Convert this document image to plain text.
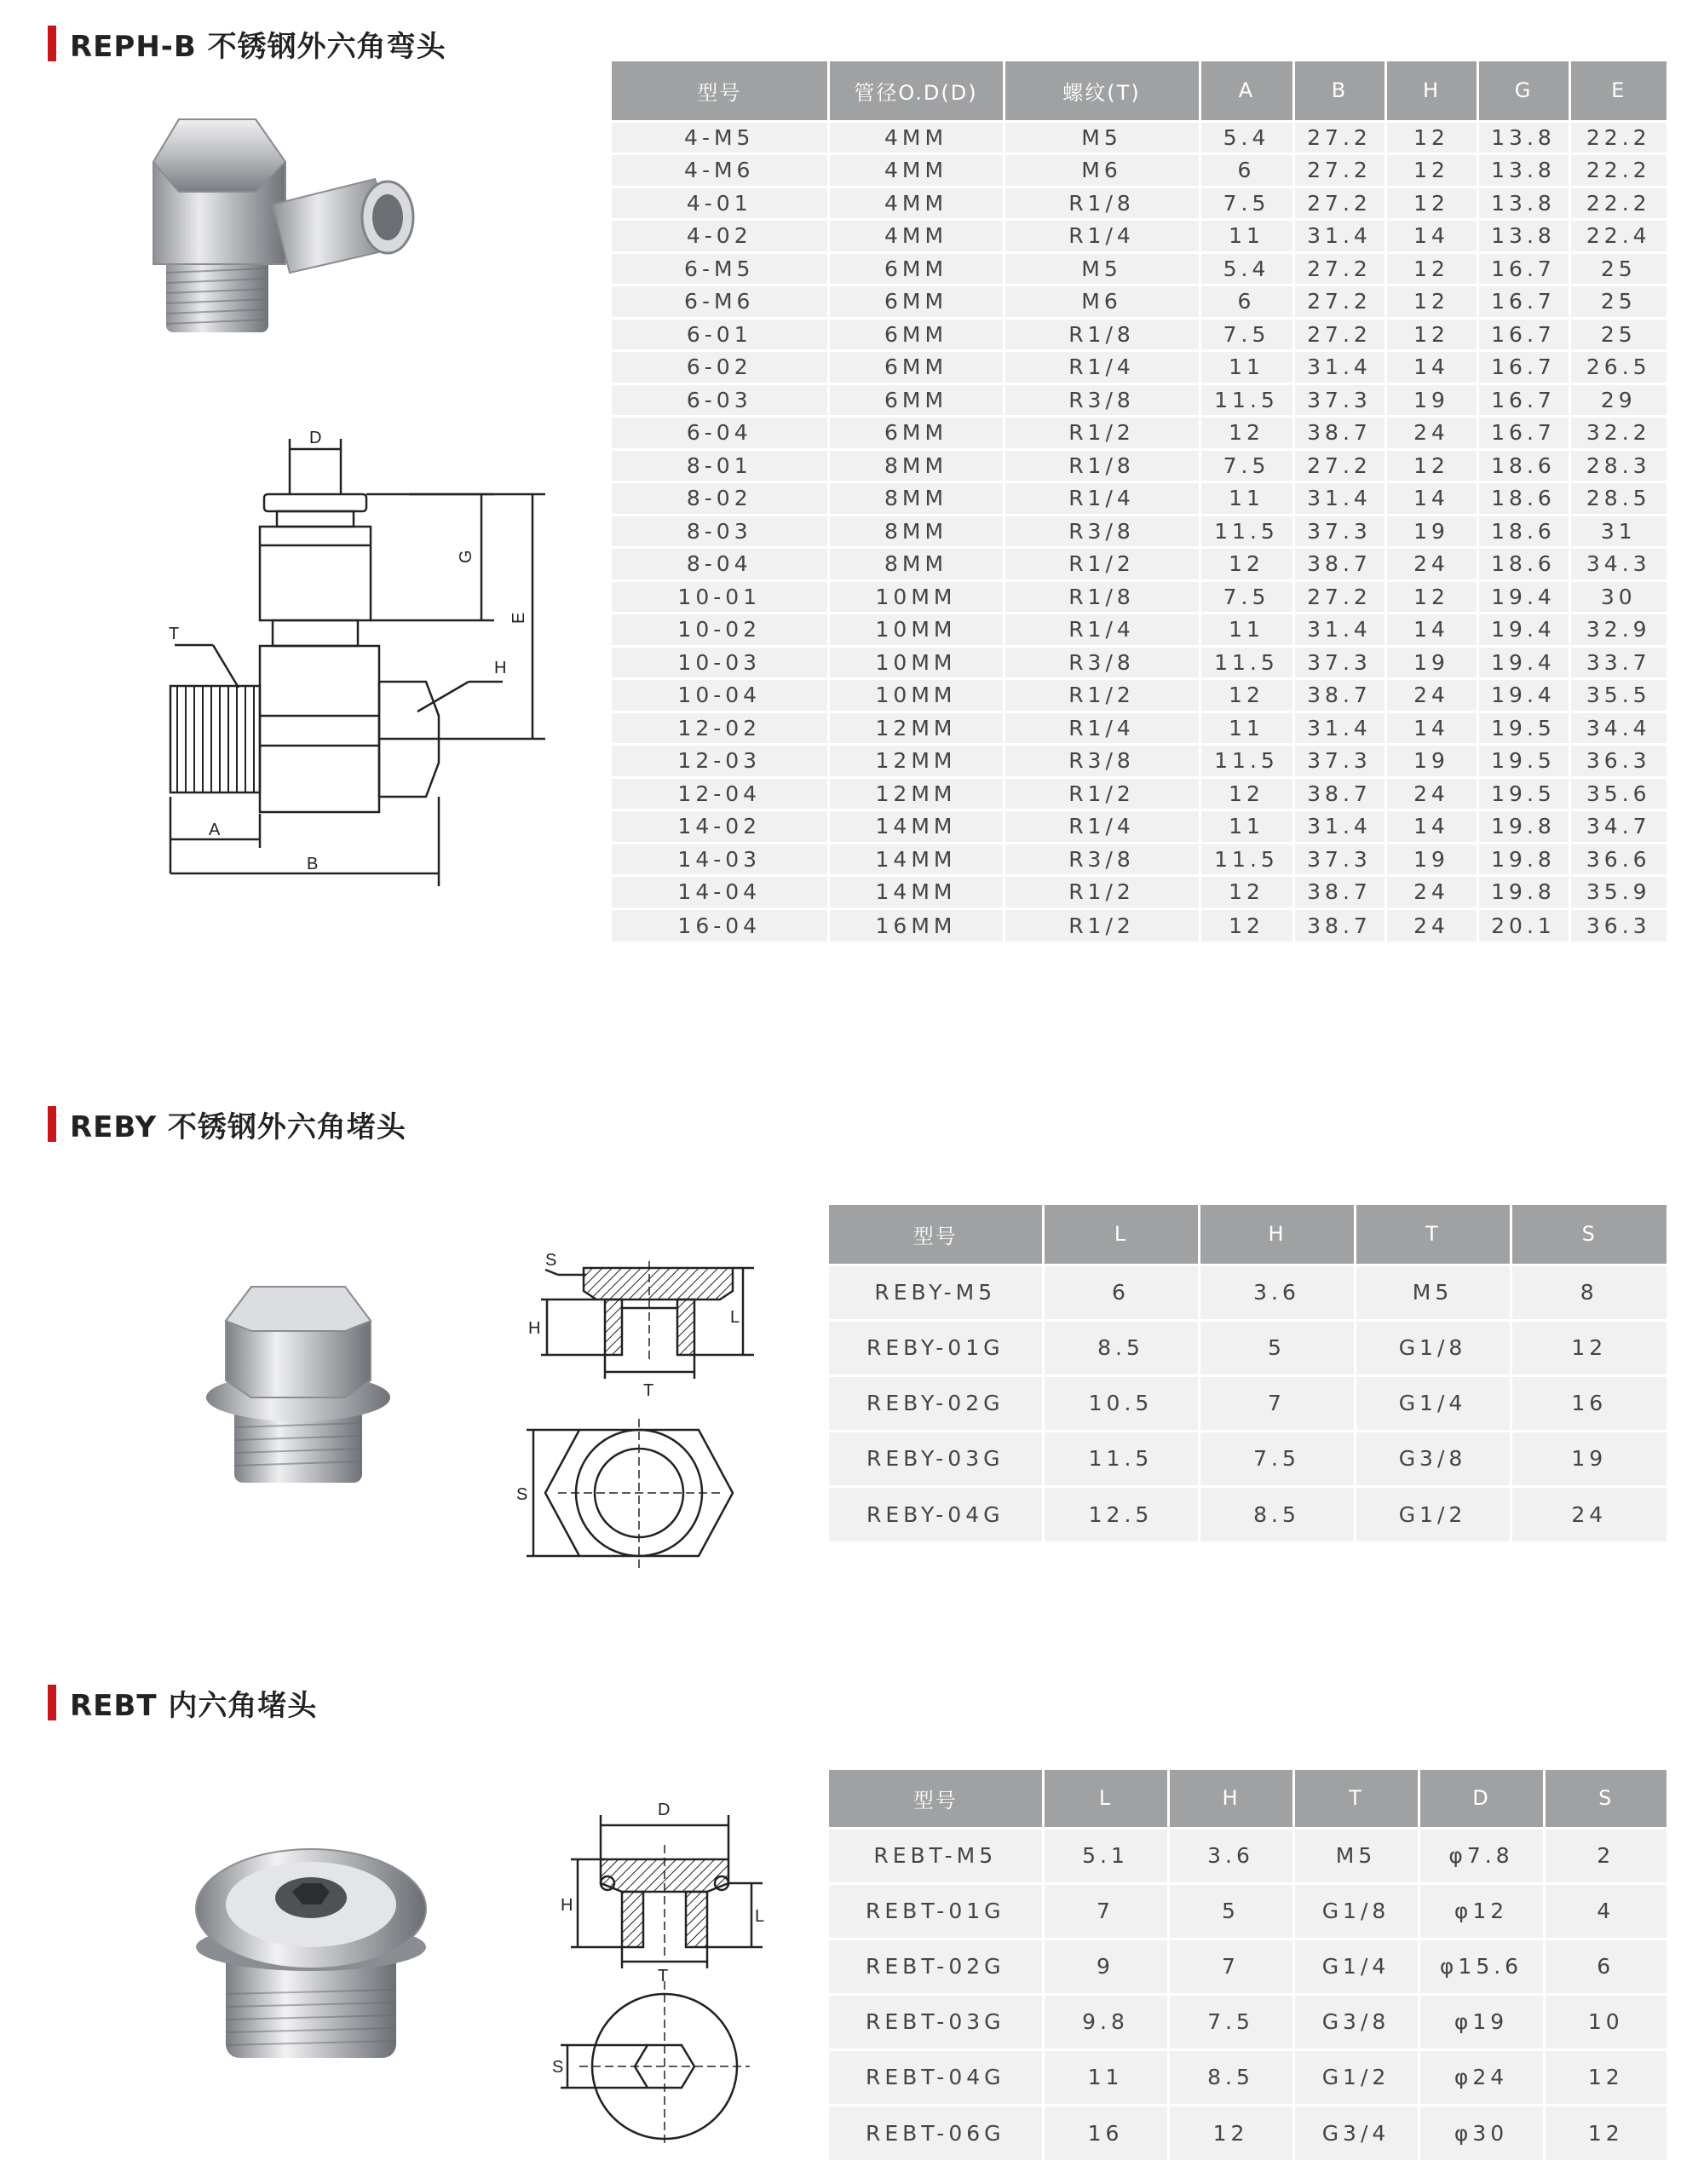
REPH-B 不锈钢外六角弯头
D
G
E
T
H
A
B
型号	管径O.D(D)	螺纹(T)	A	B	H	G	E
4-M5	4MM	M5	5.4	27.2	12	13.8	22.2
4-M6	4MM	M6	6	27.2	12	13.8	22.2
4-01	4MM	R1/8	7.5	27.2	12	13.8	22.2
4-02	4MM	R1/4	11	31.4	14	13.8	22.4
6-M5	6MM	M5	5.4	27.2	12	16.7	25
6-M6	6MM	M6	6	27.2	12	16.7	25
6-01	6MM	R1/8	7.5	27.2	12	16.7	25
6-02	6MM	R1/4	11	31.4	14	16.7	26.5
6-03	6MM	R3/8	11.5	37.3	19	16.7	29
6-04	6MM	R1/2	12	38.7	24	16.7	32.2
8-01	8MM	R1/8	7.5	27.2	12	18.6	28.3
8-02	8MM	R1/4	11	31.4	14	18.6	28.5
8-03	8MM	R3/8	11.5	37.3	19	18.6	31
8-04	8MM	R1/2	12	38.7	24	18.6	34.3
10-01	10MM	R1/8	7.5	27.2	12	19.4	30
10-02	10MM	R1/4	11	31.4	14	19.4	32.9
10-03	10MM	R3/8	11.5	37.3	19	19.4	33.7
10-04	10MM	R1/2	12	38.7	24	19.4	35.5
12-02	12MM	R1/4	11	31.4	14	19.5	34.4
12-03	12MM	R3/8	11.5	37.3	19	19.5	36.3
12-04	12MM	R1/2	12	38.7	24	19.5	35.6
14-02	14MM	R1/4	11	31.4	14	19.8	34.7
14-03	14MM	R3/8	11.5	37.3	19	19.8	36.6
14-04	14MM	R1/2	12	38.7	24	19.8	35.9
16-04	16MM	R1/2	12	38.7	24	20.1	36.3
REBY 不锈钢外六角堵头
S
H
L
T
S
型号	L	H	T	S
REBY-M5	6	3.6	M5	8
REBY-01G	8.5	5	G1/8	12
REBY-02G	10.5	7	G1/4	16
REBY-03G	11.5	7.5	G3/8	19
REBY-04G	12.5	8.5	G1/2	24
REBT 内六角堵头
D
H
L
T
S
型号	L	H	T	D	S
REBT-M5	5.1	3.6	M5	φ7.8	2
REBT-01G	7	5	G1/8	φ12	4
REBT-02G	9	7	G1/4	φ15.6	6
REBT-03G	9.8	7.5	G3/8	φ19	10
REBT-04G	11	8.5	G1/2	φ24	12
REBT-06G	16	12	G3/4	φ30	12
